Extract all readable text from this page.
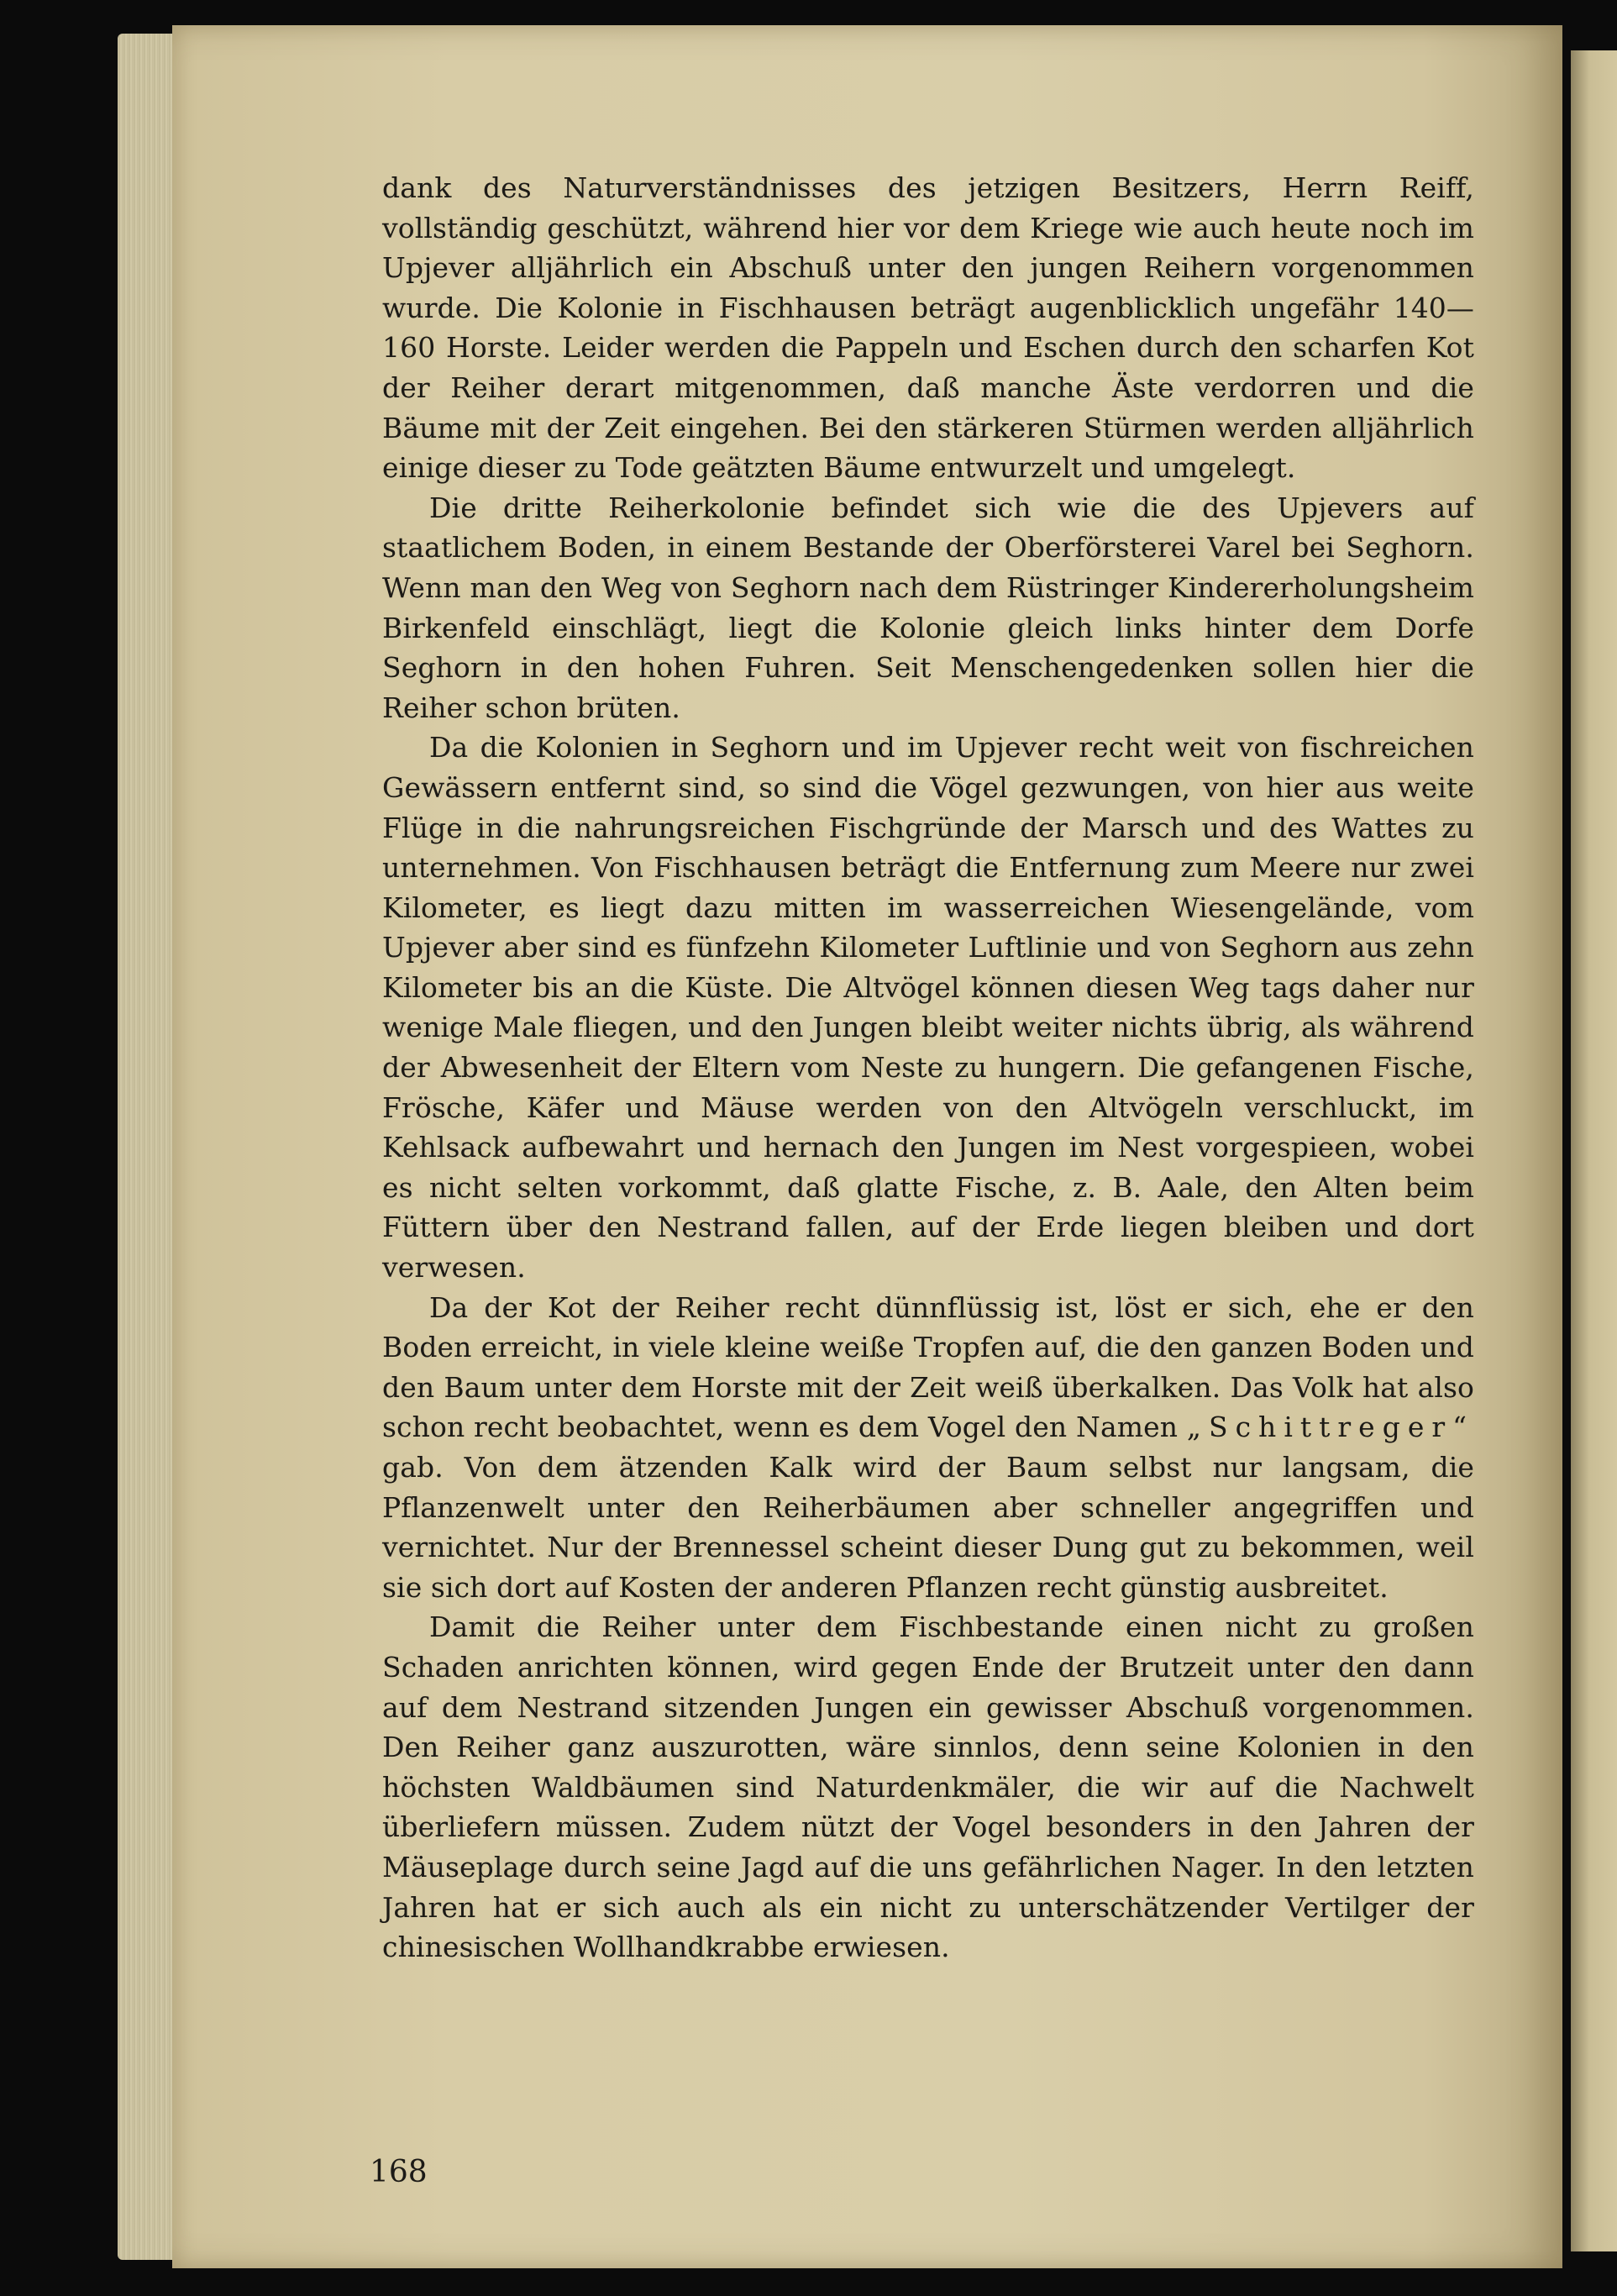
dank des Naturverständnisses des jetzigen Besitzers, Herrn Reiff, vollständig geschützt, während hier vor dem Kriege wie auch heute noch im Upjever alljährlich ein Abschuß unter den jungen Reihern vorgenommen wurde. Die Kolonie in Fischhausen beträgt augenblicklich ungefähr 140—160 Horste. Leider werden die Pappeln und Eschen durch den scharfen Kot der Reiher derart mitgenommen, daß manche Äste verdorren und die Bäume mit der Zeit eingehen. Bei den stärkeren Stürmen werden alljährlich einige dieser zu Tode geätzten Bäume entwurzelt und umgelegt.

Die dritte Reiherkolonie befindet sich wie die des Upjevers auf staatlichem Boden, in einem Bestande der Oberförsterei Varel bei Seghorn. Wenn man den Weg von Seghorn nach dem Rüstringer Kindererholungsheim Birkenfeld einschlägt, liegt die Kolonie gleich links hinter dem Dorfe Seghorn in den hohen Fuhren. Seit Menschengedenken sollen hier die Reiher schon brüten.

Da die Kolonien in Seghorn und im Upjever recht weit von fischreichen Gewässern entfernt sind, so sind die Vögel gezwungen, von hier aus weite Flüge in die nahrungsreichen Fischgründe der Marsch und des Wattes zu unternehmen. Von Fischhausen beträgt die Entfernung zum Meere nur zwei Kilometer, es liegt dazu mitten im wasserreichen Wiesengelände, vom Upjever aber sind es fünfzehn Kilometer Luftlinie und von Seghorn aus zehn Kilometer bis an die Küste. Die Altvögel können diesen Weg tags daher nur wenige Male fliegen, und den Jungen bleibt weiter nichts übrig, als während der Abwesenheit der Eltern vom Neste zu hungern. Die gefangenen Fische, Frösche, Käfer und Mäuse werden von den Altvögeln verschluckt, im Kehlsack aufbewahrt und hernach den Jungen im Nest vorgespieen, wobei es nicht selten vorkommt, daß glatte Fische, z. B. Aale, den Alten beim Füttern über den Nestrand fallen, auf der Erde liegen bleiben und dort verwesen.

Da der Kot der Reiher recht dünnflüssig ist, löst er sich, ehe er den Boden erreicht, in viele kleine weiße Tropfen auf, die den ganzen Boden und den Baum unter dem Horste mit der Zeit weiß überkalken. Das Volk hat also schon recht beobachtet, wenn es dem Vogel den Namen „Schittreger“ gab. Von dem ätzenden Kalk wird der Baum selbst nur langsam, die Pflanzenwelt unter den Reiherbäumen aber schneller angegriffen und vernichtet. Nur der Brennessel scheint dieser Dung gut zu bekommen, weil sie sich dort auf Kosten der anderen Pflanzen recht günstig ausbreitet.

Damit die Reiher unter dem Fischbestande einen nicht zu großen Schaden anrichten können, wird gegen Ende der Brutzeit unter den dann auf dem Nestrand sitzenden Jungen ein gewisser Abschuß vorgenommen. Den Reiher ganz auszurotten, wäre sinnlos, denn seine Kolonien in den höchsten Waldbäumen sind Naturdenkmäler, die wir auf die Nachwelt überliefern müssen. Zudem nützt der Vogel besonders in den Jahren der Mäuseplage durch seine Jagd auf die uns gefährlichen Nager. In den letzten Jahren hat er sich auch als ein nicht zu unterschätzender Vertilger der chinesischen Wollhandkrabbe erwiesen.

168
